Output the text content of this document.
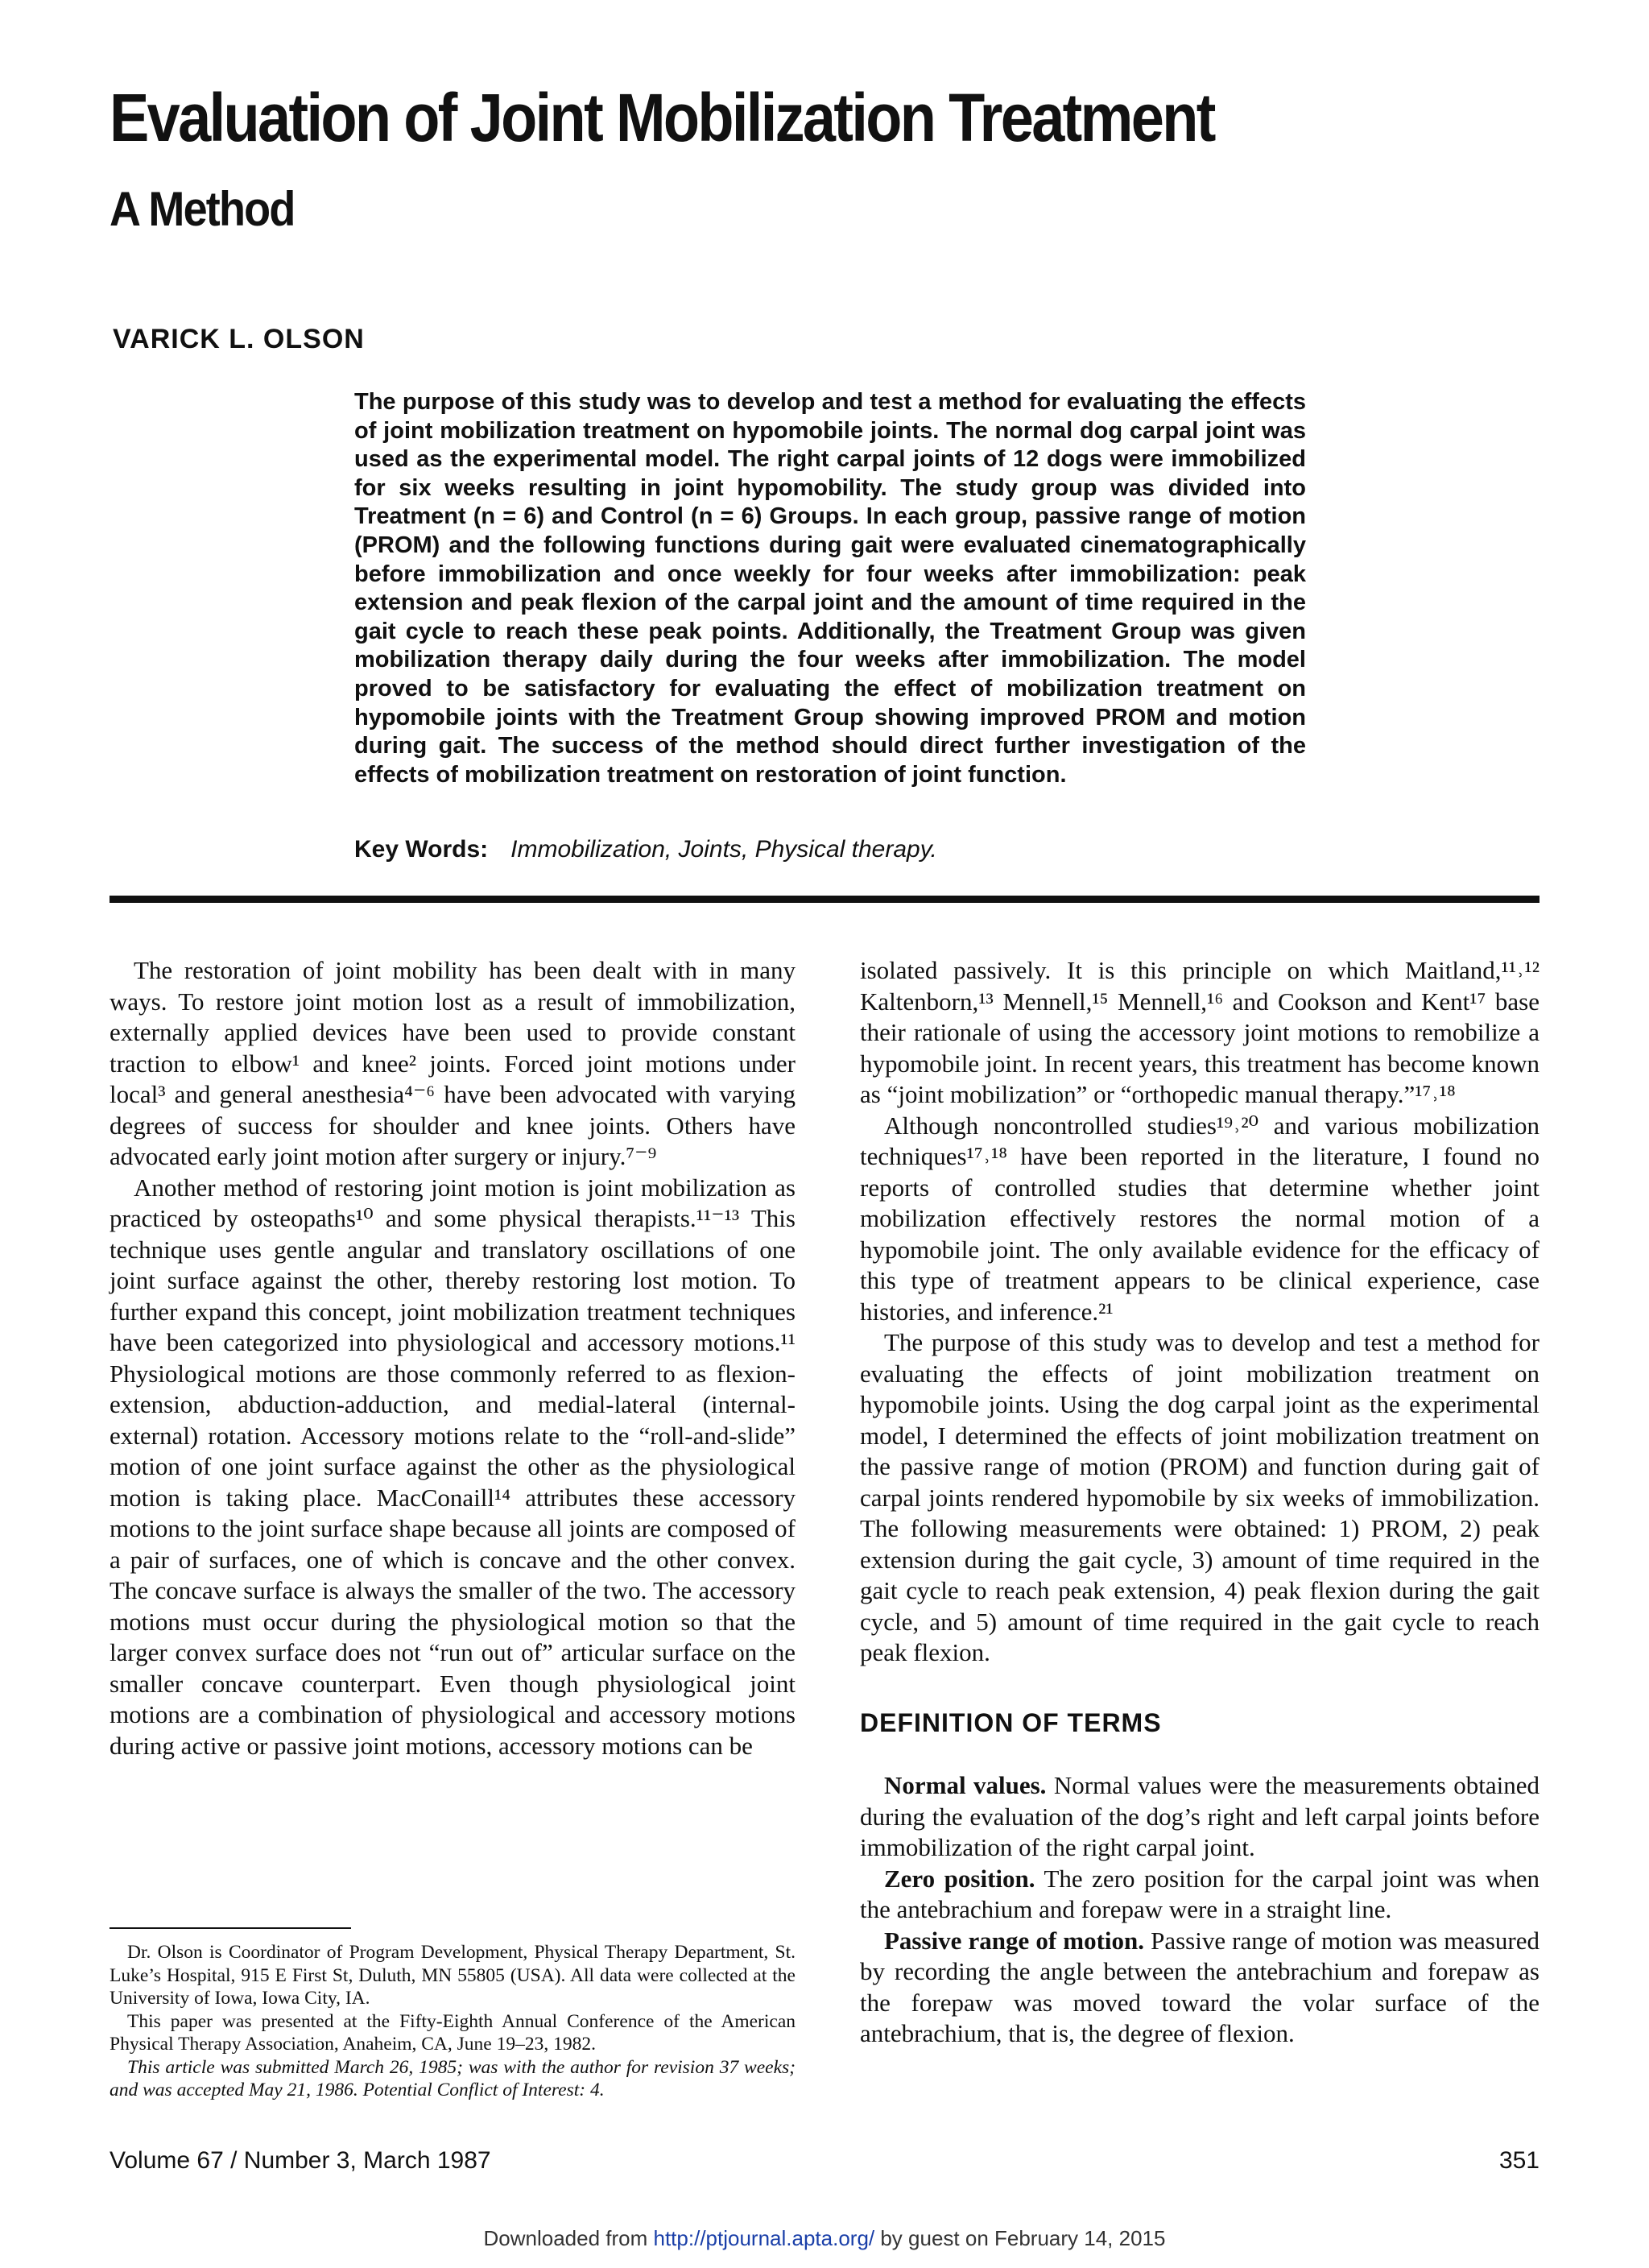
Evaluation of Joint Mobilization Treatment
A Method
VARICK L. OLSON

The purpose of this study was to develop and test a method for evaluating the effects of joint mobilization treatment on hypomobile joints. The normal dog carpal joint was used as the experimental model. The right carpal joints of 12 dogs were immobilized for six weeks resulting in joint hypomobility. The study group was divided into Treatment (n = 6) and Control (n = 6) Groups. In each group, passive range of motion (PROM) and the following functions during gait were evaluated cinematographically before immobilization and once weekly for four weeks after immobilization: peak extension and peak flexion of the carpal joint and the amount of time required in the gait cycle to reach these peak points. Additionally, the Treatment Group was given mobilization therapy daily during the four weeks after immobilization. The model proved to be satisfactory for evaluating the effect of mobilization treatment on hypomobile joints with the Treatment Group showing improved PROM and motion during gait. The success of the method should direct further investigation of the effects of mobilization treatment on restoration of joint function.

Key Words: Immobilization, Joints, Physical therapy.

The restoration of joint mobility has been dealt with in many ways. To restore joint motion lost as a result of immobilization, externally applied devices have been used to provide constant traction to elbow¹ and knee² joints. Forced joint motions under local³ and general anesthesia⁴⁻⁶ have been advocated with varying degrees of success for shoulder and knee joints. Others have advocated early joint motion after surgery or injury.⁷⁻⁹

Another method of restoring joint motion is joint mobilization as practiced by osteopaths¹⁰ and some physical therapists.¹¹⁻¹³ This technique uses gentle angular and translatory oscillations of one joint surface against the other, thereby restoring lost motion. To further expand this concept, joint mobilization treatment techniques have been categorized into physiological and accessory motions.¹¹ Physiological motions are those commonly referred to as flexion-extension, abduction-adduction, and medial-lateral (internal-external) rotation. Accessory motions relate to the “roll-and-slide” motion of one joint surface against the other as the physiological motion is taking place. MacConaill¹⁴ attributes these accessory motions to the joint surface shape because all joints are composed of a pair of surfaces, one of which is concave and the other convex. The concave surface is always the smaller of the two. The accessory motions must occur during the physiological motion so that the larger convex surface does not “run out of” articular surface on the smaller concave counterpart. Even though physiological joint motions are a combination of physiological and accessory motions during active or passive joint motions, accessory motions can be

isolated passively. It is this principle on which Maitland,¹¹˒¹² Kaltenborn,¹³ Mennell,¹⁵ Mennell,¹⁶ and Cookson and Kent¹⁷ base their rationale of using the accessory joint motions to remobilize a hypomobile joint. In recent years, this treatment has become known as “joint mobilization” or “orthopedic manual therapy.”¹⁷˒¹⁸

Although noncontrolled studies¹⁹˒²⁰ and various mobilization techniques¹⁷˒¹⁸ have been reported in the literature, I found no reports of controlled studies that determine whether joint mobilization effectively restores the normal motion of a hypomobile joint. The only available evidence for the efficacy of this type of treatment appears to be clinical experience, case histories, and inference.²¹

The purpose of this study was to develop and test a method for evaluating the effects of joint mobilization treatment on hypomobile joints. Using the dog carpal joint as the experimental model, I determined the effects of joint mobilization treatment on the passive range of motion (PROM) and function during gait of carpal joints rendered hypomobile by six weeks of immobilization. The following measurements were obtained: 1) PROM, 2) peak extension during the gait cycle, 3) amount of time required in the gait cycle to reach peak extension, 4) peak flexion during the gait cycle, and 5) amount of time required in the gait cycle to reach peak flexion.

DEFINITION OF TERMS

Normal values. Normal values were the measurements obtained during the evaluation of the dog’s right and left carpal joints before immobilization of the right carpal joint.

Zero position. The zero position for the carpal joint was when the antebrachium and forepaw were in a straight line.

Passive range of motion. Passive range of motion was measured by recording the angle between the antebrachium and forepaw as the forepaw was moved toward the volar surface of the antebrachium, that is, the degree of flexion.

Dr. Olson is Coordinator of Program Development, Physical Therapy Department, St. Luke’s Hospital, 915 E First St, Duluth, MN 55805 (USA). All data were collected at the University of Iowa, Iowa City, IA.

This paper was presented at the Fifty-Eighth Annual Conference of the American Physical Therapy Association, Anaheim, CA, June 19–23, 1982.

This article was submitted March 26, 1985; was with the author for revision 37 weeks; and was accepted May 21, 1986. Potential Conflict of Interest: 4.

Volume 67 / Number 3, March 1987	351
Downloaded from http://ptjournal.apta.org/ by guest on February 14, 2015
